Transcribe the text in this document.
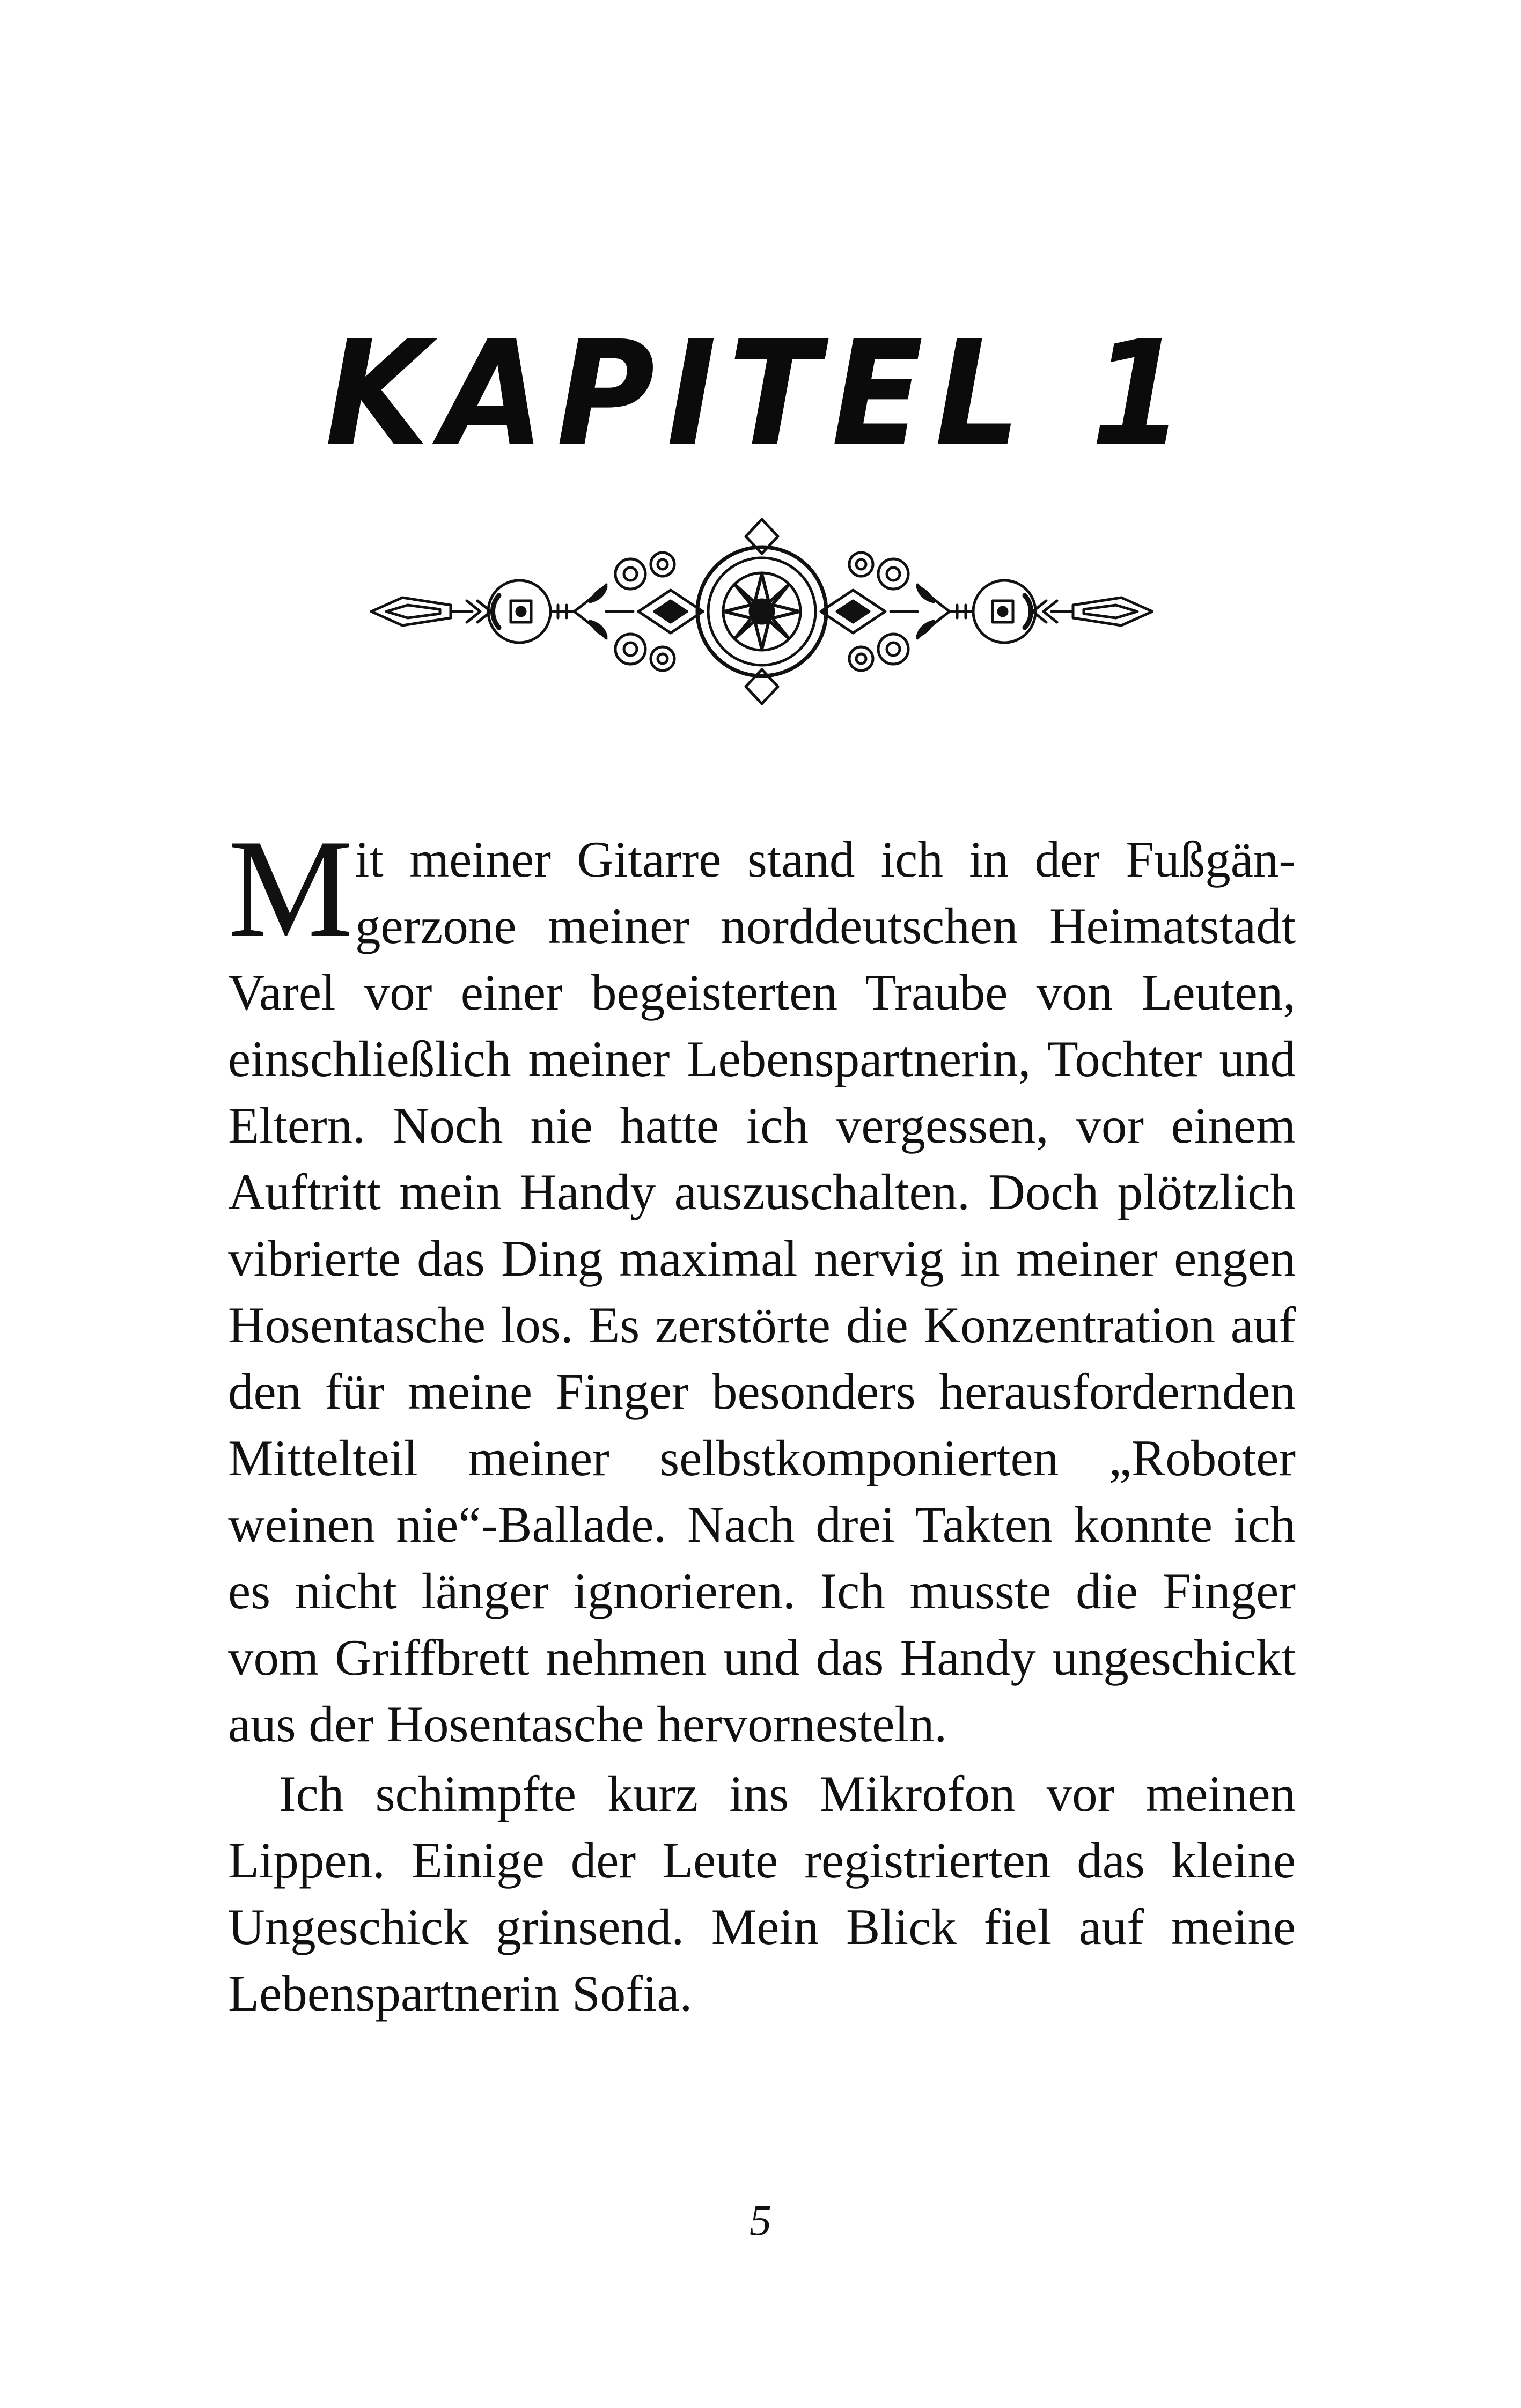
KAPITEL 1

Mit meiner Gitarre stand ich in der Fußgängerzone meiner norddeutschen Heimatstadt Varel vor einer begeisterten Traube von Leuten, einschließlich meiner Lebenspartnerin, Tochter und Eltern. Noch nie hatte ich vergessen, vor einem Auftritt mein Handy auszuschalten. Doch plötzlich vibrierte das Ding maximal nervig in meiner engen Hosentasche los. Es zerstörte die Konzentration auf den für meine Finger besonders herausfordernden Mittelteil meiner selbstkomponierten „Roboter weinen nie“-Ballade. Nach drei Takten konnte ich es nicht länger ignorieren. Ich musste die Finger vom Griffbrett nehmen und das Handy ungeschickt aus der Hosentasche hervornesteln.

Ich schimpfte kurz ins Mikrofon vor meinen Lippen. Einige der Leute registrierten das kleine Ungeschick grinsend. Mein Blick fiel auf meine Lebenspartnerin Sofia.

5
